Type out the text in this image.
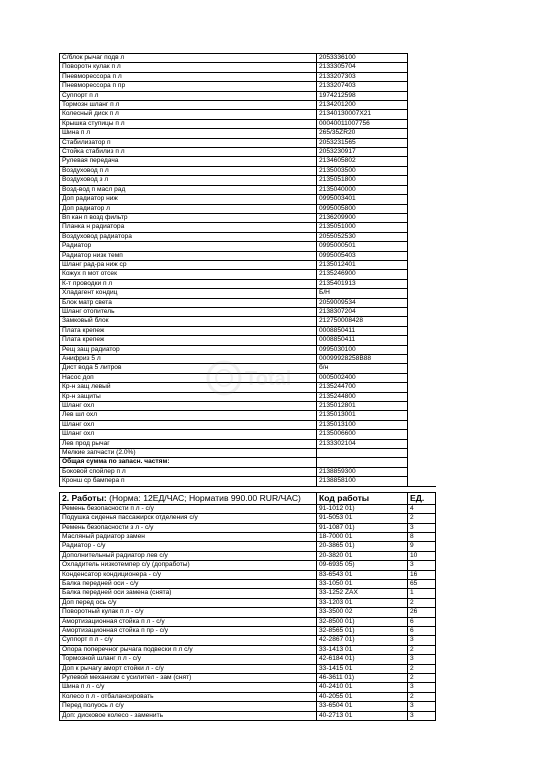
С/блок рычаг подв л	2053336100	
Поворотн кулак п л	2133305704	
Пневморессора п л	2133207303	
Пневморессора п пр	2133207403	
Суппорт п л	1974212598	
Тормозн шланг п л	2134201200	
Колесный диск п л	21340130007X21	
Крышка ступицы п л	00040011007756	
Шина п л	265/35ZR20	
Стабилизатор п	2053231565	
Стойка стабилиз п л	2053230917	
Рулевая передача	2134605802	
Воздуховод п л	2135003500	
Воздуховод з л	2135051800	
Возд-вод п масл рад	2135040000	
Доп радиатор ниж	0995003401	
Доп радиатор л	0995005800	
Вп кан п возд фильтр	2136209900	
Планка н радиатора	2135051000	
Воздуховод радиатора	2055052530	
Радиатор	0995000501	
Радиатор низк темп	0995005403	
Шланг рад-ра ниж ср	2135012401	
Кожух п мот отсек	2135246900	
К-т проводки п л	2135401913	
Хладагент кондиц	Б/Н	
Блок матр света	2059009534	
Шланг отопитель	2138307204	
Замковый блок	212750008428	
Плата крепеж	0008850411	
Плата крепеж	0008850411	
Рещ защ радиатор	0995030100	
Анифриз 5 л	00099928258B88	
Дист вода 5 литров	б/н	
Насос доп	0005002400	
Кр-н защ левый	2135244700	
Кр-н защиты	2135244800	
Шланг охл	2135012801	
Лев шл охл	2135013001	
Шланг охл	2135013100	
Шланг охл	2135006600	
Лев прод рычаг	2133302104	
Мелкие запчасти (2.0%)		
Общая сумма по запасн. частям:		
Боковой спойлер п л	2138859300	
Кронш ср бампера п	2138858100	

2. Работы: (Норма: 12ЕД/ЧАС; Норматив 990.00 RUR/ЧАС)	Код работы	ЕД.
Ремень безопасности п л - с/у	91-1012 01)	4
Подушка сиденья пассажирск отделения с/у	91-5053 01	2
Ремень безопасности з л - с/у	91-1087 01)	3
Масляный радиатор замен	18-7000 01	8
Радиатор - с/у	20-3865 01)	9
Дополнительный радиатор лев с/у	20-3820 01	10
Охладитель низкотемпер с/у (допработы)	09-6935 05)	3
Конденсатор кондиционера - с/у	83-6543 01	16
Балка передней оси - с/у	33-1050 01	65
Балка передней оси замена (снята)	33-1252 ZAX	1
Доп перед ось с/у	33-1203 01	2
Поворотный кулак п л - с/у	33-3500 02	26
Амортизационная стойка п л - с/у	32-8500 01)	6
Амортизационная стойка п пр - с/у	32-8565 01)	6
Суппорт п л - с/у	42-2867 01)	3
Опора поперечног рычага подвески п л с/у	33-1413 01	2
Тормозной шланг п л - с/у	42-6184 01)	3
Доп к рычагу аморт стойки л - с/у	33-1415 01	2
Рулевой механизм с усилител - зам (снят)	46-3611 01)	2
Шина п л - с/у	40-2410 01	3
Колесо п л - отбалансировать	40-2055 01	2
Перед полуось л с/у	33-6504 01	3
Доп: дисковое колесо - заменить	40-2713 01	3
Total
